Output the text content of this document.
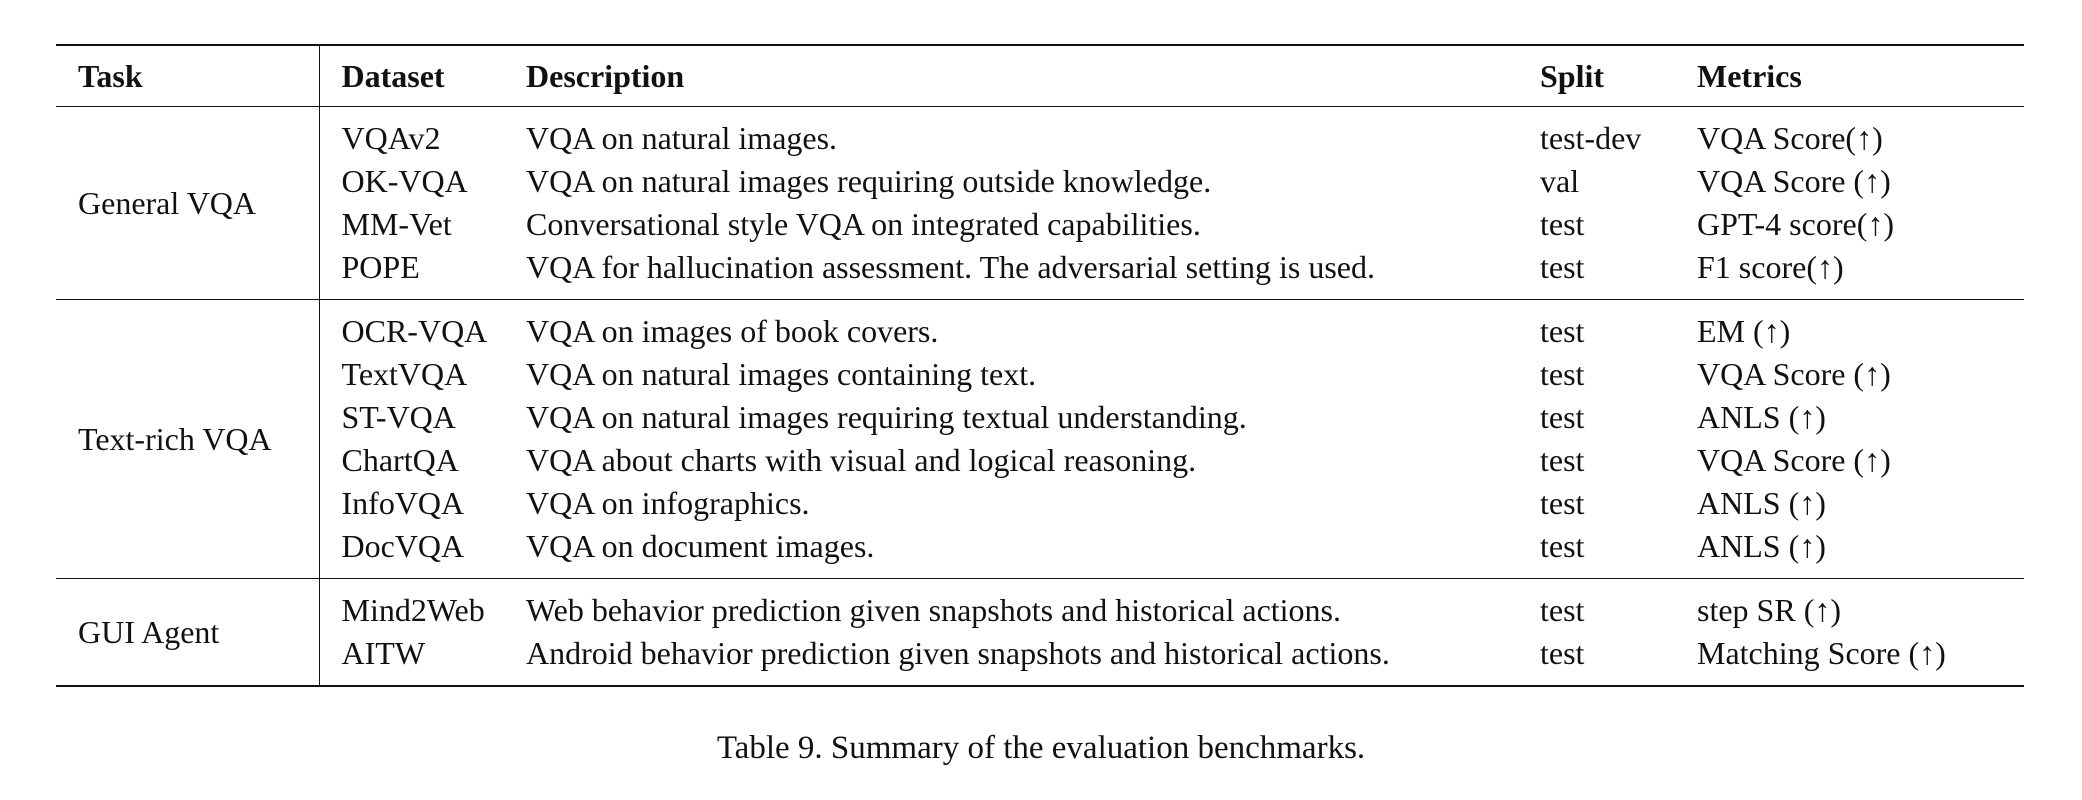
Task	Dataset	Description	Split	Metrics
General VQA	VQAv2	VQA on natural images.	test-dev	VQA Score(↑)
	OK-VQA	VQA on natural images requiring outside knowledge.	val	VQA Score (↑)
	MM-Vet	Conversational style VQA on integrated capabilities.	test	GPT-4 score(↑)
	POPE	VQA for hallucination assessment. The adversarial setting is used.	test	F1 score(↑)
Text-rich VQA	OCR-VQA	VQA on images of book covers.	test	EM (↑)
	TextVQA	VQA on natural images containing text.	test	VQA Score (↑)
	ST-VQA	VQA on natural images requiring textual understanding.	test	ANLS (↑)
	ChartQA	VQA about charts with visual and logical reasoning.	test	VQA Score (↑)
	InfoVQA	VQA on infographics.	test	ANLS (↑)
	DocVQA	VQA on document images.	test	ANLS (↑)
GUI Agent	Mind2Web	Web behavior prediction given snapshots and historical actions.	test	step SR (↑)
	AITW	Android behavior prediction given snapshots and historical actions.	test	Matching Score (↑)
Table 9. Summary of the evaluation benchmarks.
